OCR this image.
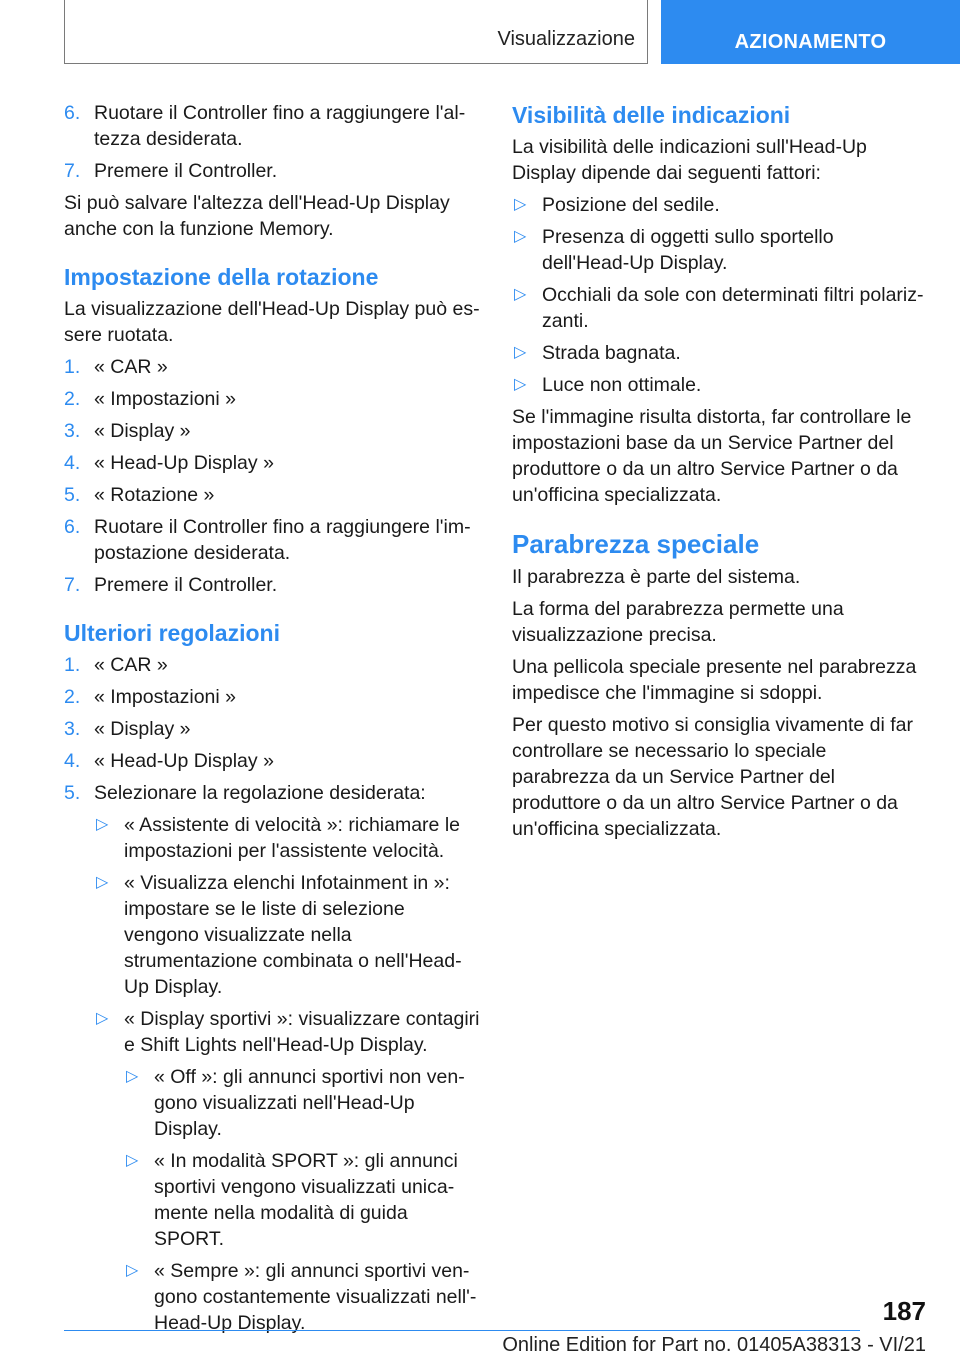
Visualizzazione	AZIONAMENTO
6. Ruotare il Controller fino a raggiungere l'altezza desiderata.
7. Premere il Controller.

Si può salvare l'altezza dell'Head-Up Display anche con la funzione Memory.

Impostazione della rotazione

La visualizzazione dell'Head-Up Display può essere ruotata.

1. « CAR »
2. « Impostazioni »
3. « Display »
4. « Head-Up Display »
5. « Rotazione »
6. Ruotare il Controller fino a raggiungere l'impostazione desiderata.
7. Premere il Controller.
Ulteriori regolazioni
1. « CAR »
2. « Impostazioni »
3. « Display »
4. « Head-Up Display »
5. Selezionare la regolazione desiderata:
▷ « Assistente di velocità »: richiamare le impostazioni per l'assistente velocità.
▷ « Visualizza elenchi Infotainment in »: impostare se le liste di selezione vengono visualizzate nella strumentazione combinata o nell'Head-Up Display.
▷ « Display sportivi »: visualizzare contagiri e Shift Lights nell'Head-Up Display.
▷ « Off »: gli annunci sportivi non vengono visualizzati nell'Head-Up Display.
▷ « In modalità SPORT »: gli annunci sportivi vengono visualizzati unicamente nella modalità di guida SPORT.
▷ « Sempre »: gli annunci sportivi vengono costantemente visualizzati nell'-Head-Up Display.
Visibilità delle indicazioni

La visibilità delle indicazioni sull'Head-Up Display dipende dai seguenti fattori:

▷ Posizione del sedile.
▷ Presenza di oggetti sullo sportello dell'Head-Up Display.
▷ Occhiali da sole con determinati filtri polarizzanti.
▷ Strada bagnata.
▷ Luce non ottimale.

Se l'immagine risulta distorta, far controllare le impostazioni base da un Service Partner del produttore o da un altro Service Partner o da un'officina specializzata.

Parabrezza speciale

Il parabrezza è parte del sistema.

La forma del parabrezza permette una visualizzazione precisa.

Una pellicola speciale presente nel parabrezza impedisce che l'immagine si sdoppi.

Per questo motivo si consiglia vivamente di far controllare se necessario lo speciale parabrezza da un Service Partner del produttore o da un altro Service Partner o da un'officina specializzata.

187
Online Edition for Part no. 01405A38313 - VI/21
